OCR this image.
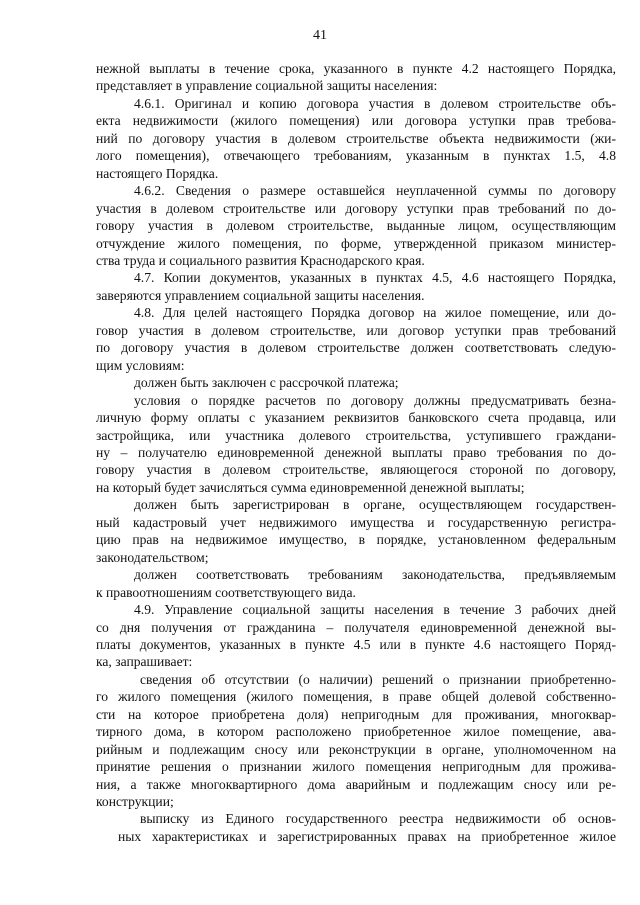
41

нежной выплаты в течение срока, указанного в пункте 4.2 настоящего Порядка,

представляет в управление социальной защиты населения:

4.6.1. Оригинал и копию договора участия в долевом строительстве объ-

екта недвижимости (жилого помещения) или договора уступки прав требова-

ний по договору участия в долевом строительстве объекта недвижимости (жи-

лого помещения), отвечающего требованиям, указанным в пунктах 1.5, 4.8

настоящего Порядка.

4.6.2. Сведения о размере оставшейся неуплаченной суммы по договору

участия в долевом строительстве или договору уступки прав требований по до-

говору участия в долевом строительстве, выданные лицом, осуществляющим

отчуждение жилого помещения, по форме, утвержденной приказом министер-

ства труда и социального развития Краснодарского края.

4.7. Копии документов, указанных в пунктах 4.5, 4.6 настоящего Порядка,

заверяются управлением социальной защиты населения.

4.8. Для целей настоящего Порядка договор на жилое помещение, или до-

говор участия в долевом строительстве, или договор уступки прав требований

по договору участия в долевом строительстве должен соответствовать следую-

щим условиям:

должен быть заключен с рассрочкой платежа;

условия о порядке расчетов по договору должны предусматривать безна-

личную форму оплаты с указанием реквизитов банковского счета продавца, или

застройщика, или участника долевого строительства, уступившего граждани-

ну – получателю единовременной денежной выплаты право требования по до-

говору участия в долевом строительстве, являющегося стороной по договору,

на который будет зачисляться сумма единовременной денежной выплаты;

должен быть зарегистрирован в органе, осуществляющем государствен-

ный кадастровый учет недвижимого имущества и государственную регистра-

цию прав на недвижимое имущество, в порядке, установленном федеральным

законодательством;

должен соответствовать требованиям законодательства, предъявляемым

к правоотношениям соответствующего вида.

4.9. Управление социальной защиты населения в течение 3 рабочих дней

со дня получения от гражданина – получателя единовременной денежной вы-

платы документов, указанных в пункте 4.5 или в пункте 4.6 настоящего Поряд-

ка, запрашивает:

сведения об отсутствии (о наличии) решений о признании приобретенно-

го жилого помещения (жилого помещения, в праве общей долевой собственно-

сти на которое приобретена доля) непригодным для проживания, многоквар-

тирного дома, в котором расположено приобретенное жилое помещение, ава-

рийным и подлежащим сносу или реконструкции в органе, уполномоченном на

принятие решения о признании жилого помещения непригодным для прожива-

ния, а также многоквартирного дома аварийным и подлежащим сносу или ре-

конструкции;

выписку из Единого государственного реестра недвижимости об основ-

ных характеристиках и зарегистрированных правах на приобретенное жилое
